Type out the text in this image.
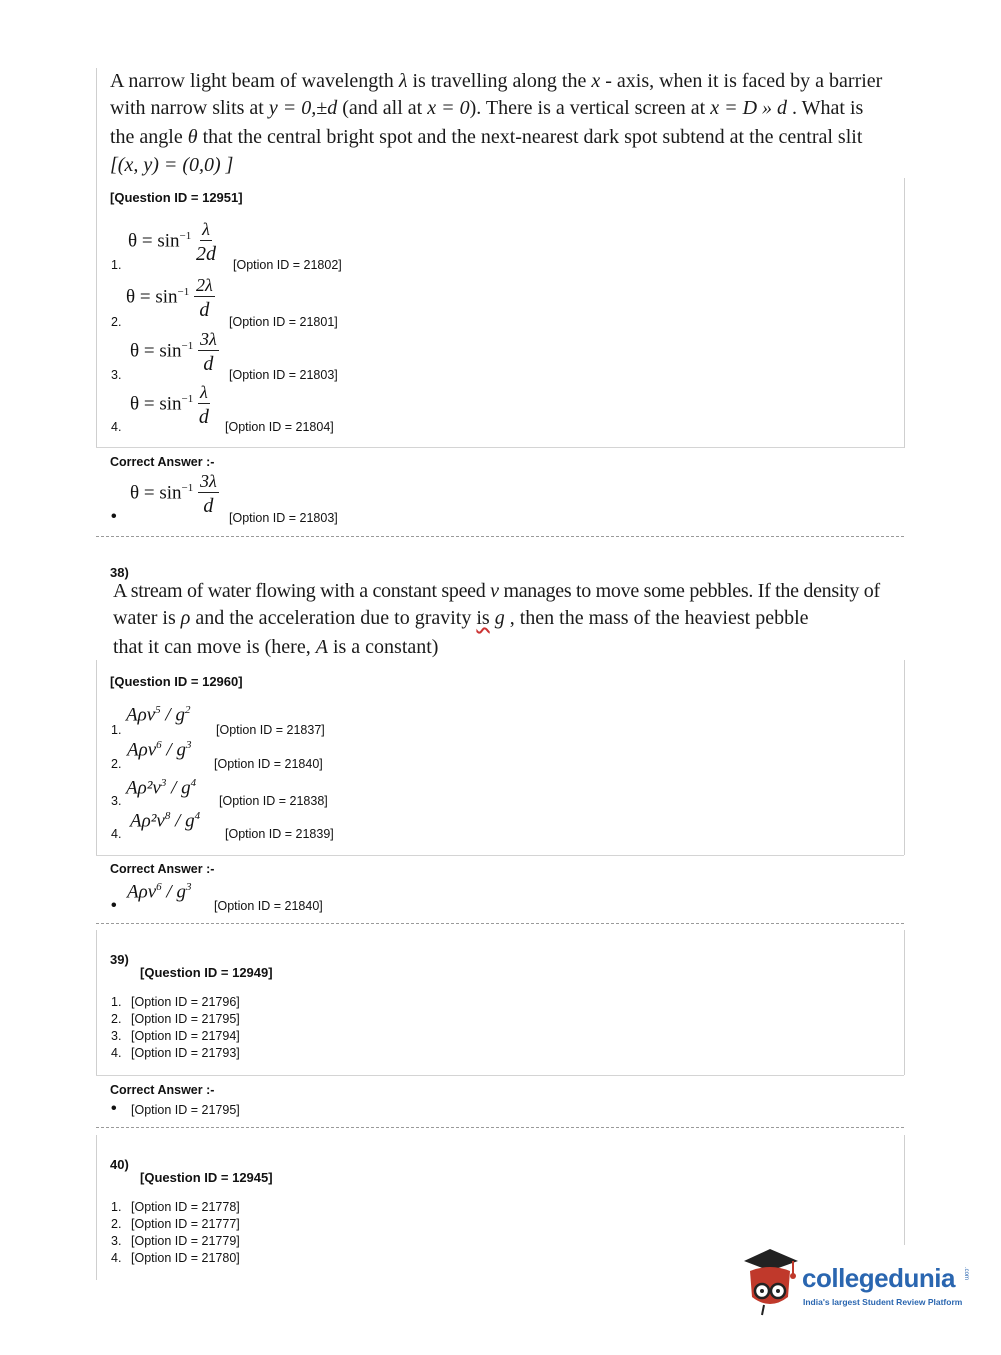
A narrow light beam of wavelength λ is travelling along the x - axis, when it is faced by a barrier
with narrow slits at y = 0,±d (and all at x = 0). There is a vertical screen at x = D » d . What is
the angle θ that the central bright spot and the next-nearest dark spot subtend at the central slit
[(x, y) = (0,0) ]
[Question ID = 12951]
1.
$\theta = \sin^{-1} \frac{\lambda}{2d}$
[Option ID = 21802]
2.
$\theta = \sin^{-1} \frac{2\lambda}{d}$
[Option ID = 21801]
3.
$\theta = \sin^{-1} \frac{3\lambda}{d}$
[Option ID = 21803]
4.
$\theta = \sin^{-1} \frac{\lambda}{d}$ [Option ID = 21804]
Correct Answer :-
•
$\theta = \sin^{-1} \frac{3\lambda}{d}$
[Option ID = 21803]
38)
A stream of water flowing with a constant speed v manages to move some pebbles. If the density of
water is ρ and the acceleration due to gravity is g , then the mass of the heaviest pebble
that it can move is (here, A is a constant)
[Question ID = 12960]
1.
$A\rho v^5 / g^2$
[Option ID = 21837]
2.
$A\rho v^6 / g^3$
[Option ID = 21840]
3.
$A\rho^2v^3 / g^4$
[Option ID = 21838]
4.
$A\rho^2v^8 / g^4$
[Option ID = 21839]
Correct Answer :-
•
$A\rho v^6 / g^3$
[Option ID = 21840]
39)
[Question ID = 12949]
1. [Option ID = 21796]
2. [Option ID = 21795]
3. [Option ID = 21794]
4. [Option ID = 21793]
Correct Answer :-
• [Option ID = 21795]
40)
[Question ID = 12945]
1. [Option ID = 21778]
2. [Option ID = 21777]
3. [Option ID = 21779]
4. [Option ID = 21780]
collegedunia .com
India's largest Student Review Platform
